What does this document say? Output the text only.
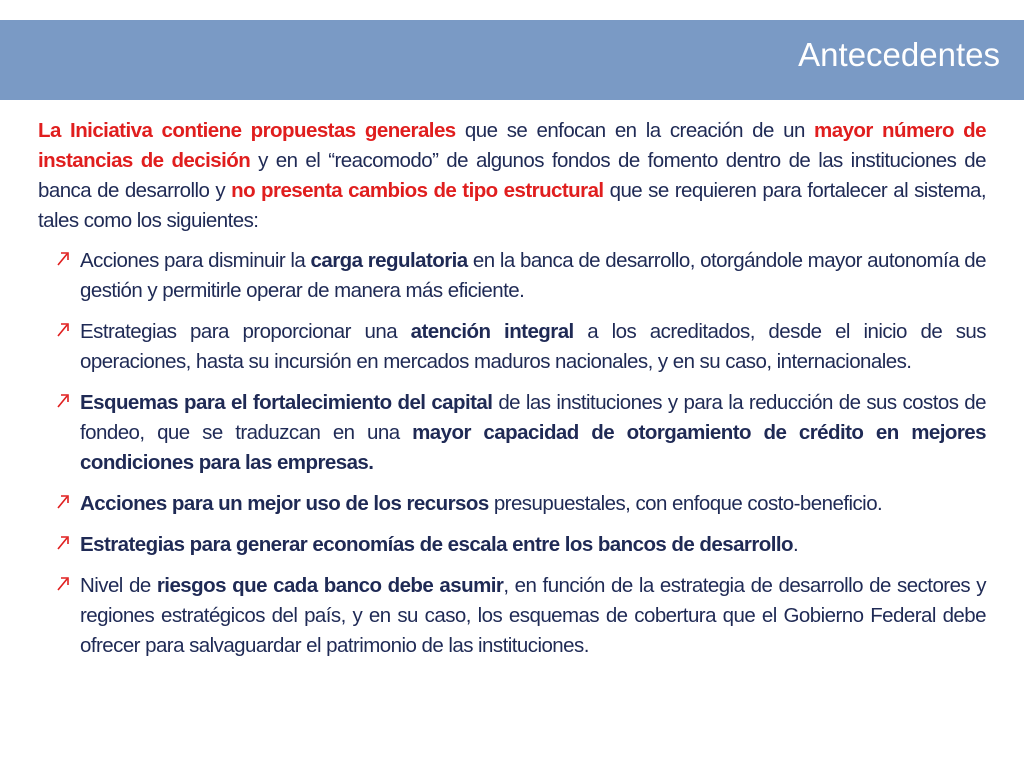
Antecedentes

La Iniciativa contiene propuestas generales que se enfocan en la creación de un mayor número de instancias de decisión y en el “reacomodo” de algunos fondos de fomento dentro de las instituciones de banca de desarrollo y no presenta cambios de tipo estructural que se requieren para fortalecer al sistema, tales como los siguientes:

Acciones para disminuir la carga regulatoria en la banca de desarrollo, otorgándole mayor autonomía de gestión y permitirle operar de manera más eficiente.
Estrategias para proporcionar una atención integral a los acreditados, desde el inicio de sus operaciones, hasta su incursión en mercados maduros nacionales, y en su caso, internacionales.
Esquemas para el fortalecimiento del capital de las instituciones y para la reducción de sus costos de fondeo, que se traduzcan en una mayor capacidad de otorgamiento de crédito en mejores condiciones para las empresas.
Acciones para un mejor uso de los recursos presupuestales, con enfoque costo-beneficio.
Estrategias para generar economías de escala entre los bancos de desarrollo.
Nivel de riesgos que cada banco debe asumir, en función de la estrategia de desarrollo de sectores y regiones estratégicos del país, y en su caso, los esquemas de cobertura que el Gobierno Federal debe ofrecer para salvaguardar el patrimonio de las instituciones.
